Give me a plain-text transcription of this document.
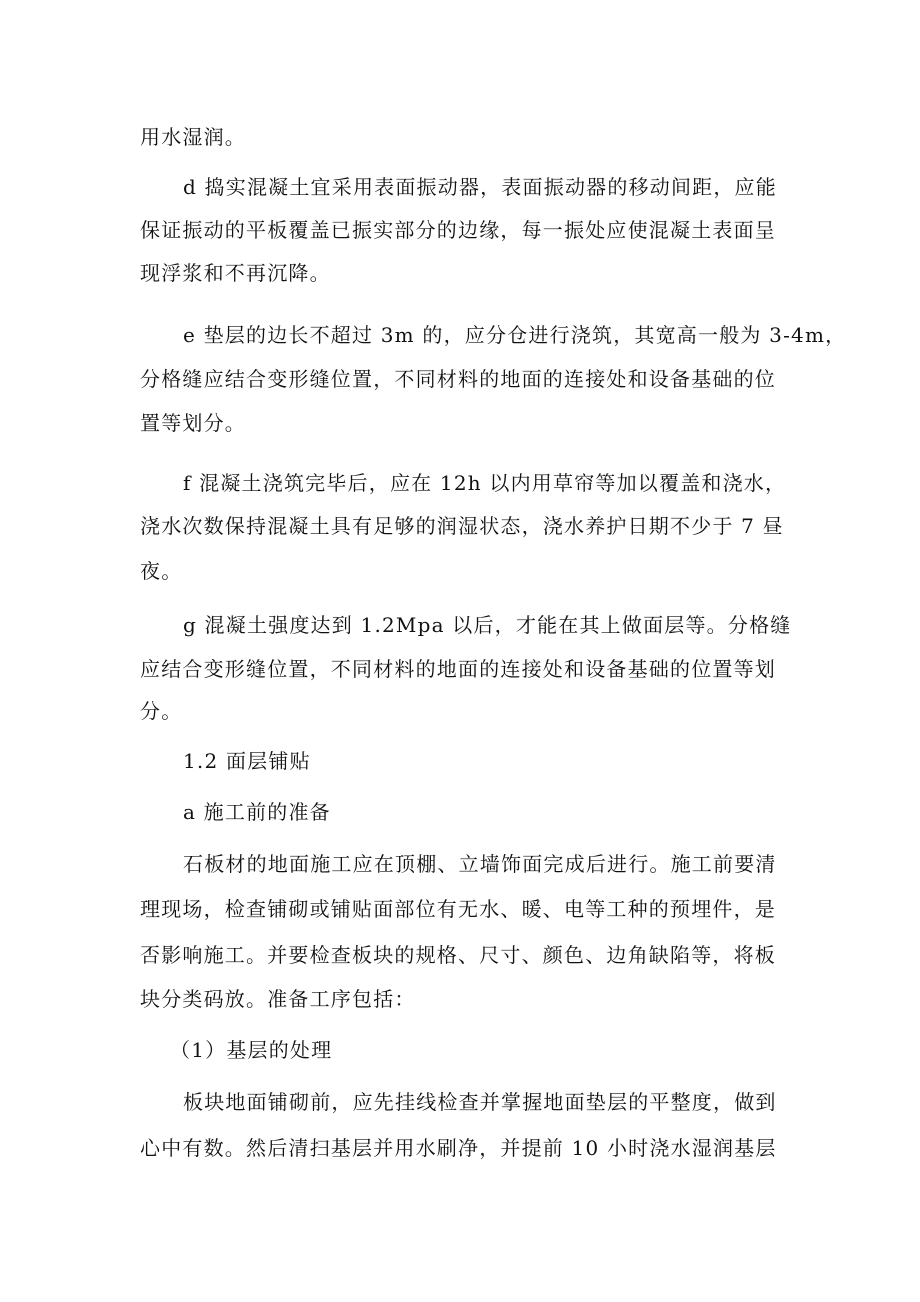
用水湿润。
d 捣实混凝土宜采用表面振动器，表面振动器的移动间距，应能
保证振动的平板覆盖已振实部分的边缘，每一振处应使混凝土表面呈
现浮浆和不再沉降。
e 垫层的边长不超过 3m 的，应分仓进行浇筑，其宽高一般为 3-4m，
分格缝应结合变形缝位置，不同材料的地面的连接处和设备基础的位
置等划分。
f 混凝土浇筑完毕后，应在 12h 以内用草帘等加以覆盖和浇水，
浇水次数保持混凝土具有足够的润湿状态，浇水养护日期不少于 7 昼
夜。
g 混凝土强度达到 1.2Mpa 以后，才能在其上做面层等。分格缝
应结合变形缝位置，不同材料的地面的连接处和设备基础的位置等划
分。
1.2 面层铺贴
a 施工前的准备
石板材的地面施工应在顶棚、立墙饰面完成后进行。施工前要清
理现场，检查铺砌或铺贴面部位有无水、暖、电等工种的预埋件，是
否影响施工。并要检查板块的规格、尺寸、颜色、边角缺陷等，将板
块分类码放。准备工序包括：
（1）基层的处理
板块地面铺砌前，应先挂线检查并掌握地面垫层的平整度，做到
心中有数。然后清扫基层并用水刷净，并提前 10 小时浇水湿润基层
